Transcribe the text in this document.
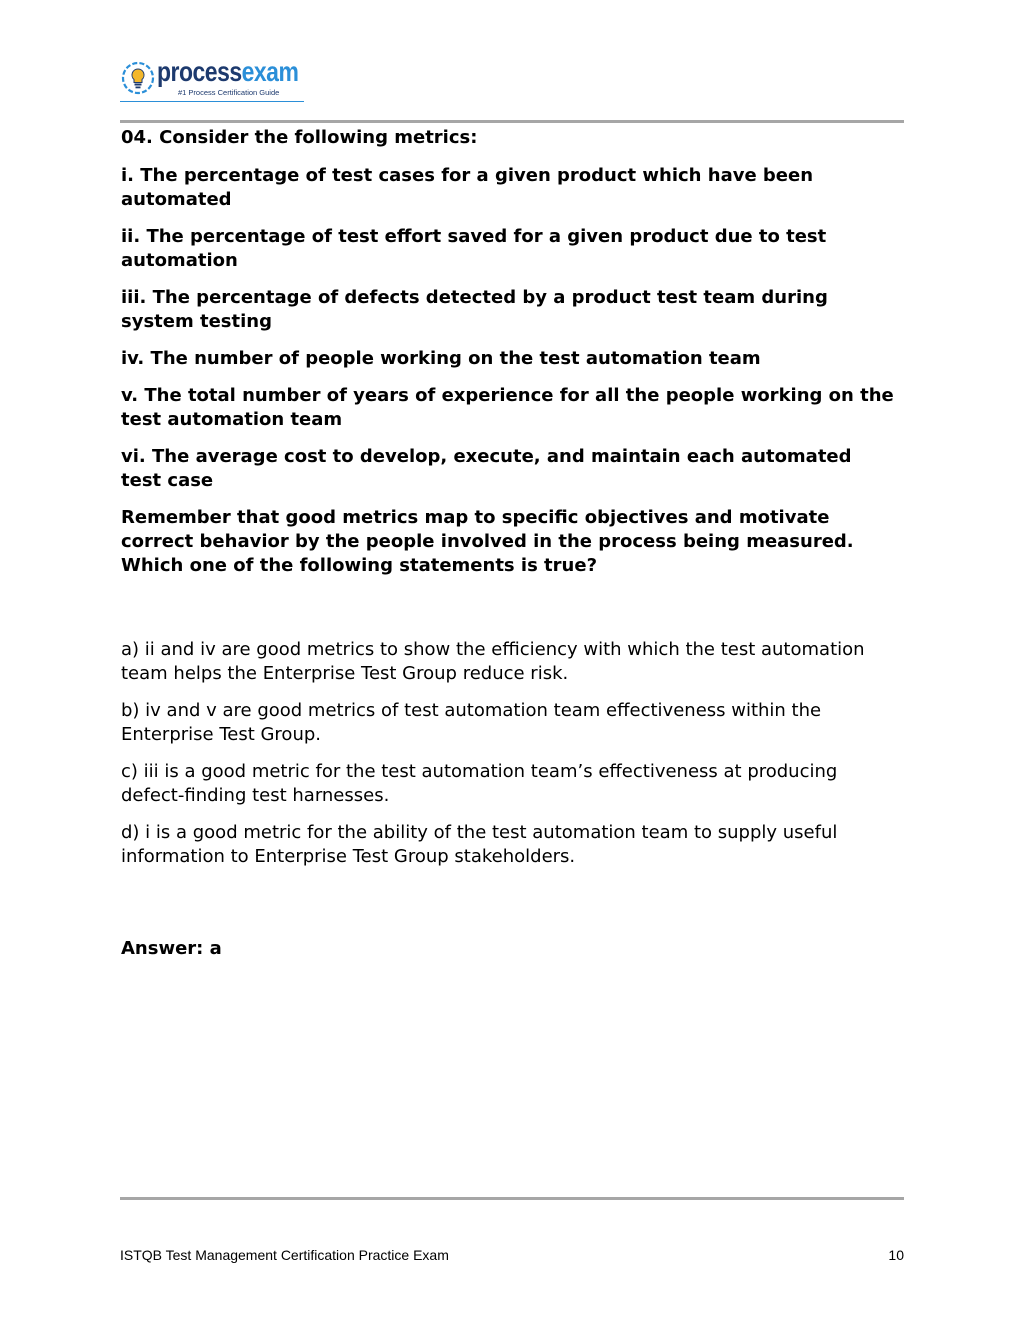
processexam
#1 Process Certification Guide

04. Consider the following metrics:

i. The percentage of test cases for a given product which have been automated

ii. The percentage of test effort saved for a given product due to test automation

iii. The percentage of defects detected by a product test team during system testing

iv. The number of people working on the test automation team

v. The total number of years of experience for all the people working on the test automation team

vi. The average cost to develop, execute, and maintain each automated test case

Remember that good metrics map to specific objectives and motivate correct behavior by the people involved in the process being measured. Which one of the following statements is true?

a) ii and iv are good metrics to show the efficiency with which the test automation team helps the Enterprise Test Group reduce risk.

b) iv and v are good metrics of test automation team effectiveness within the Enterprise Test Group.

c) iii is a good metric for the test automation team’s effectiveness at producing defect-finding test harnesses.

d) i is a good metric for the ability of the test automation team to supply useful information to Enterprise Test Group stakeholders.

Answer: a

ISTQB Test Management Certification Practice Exam	10
